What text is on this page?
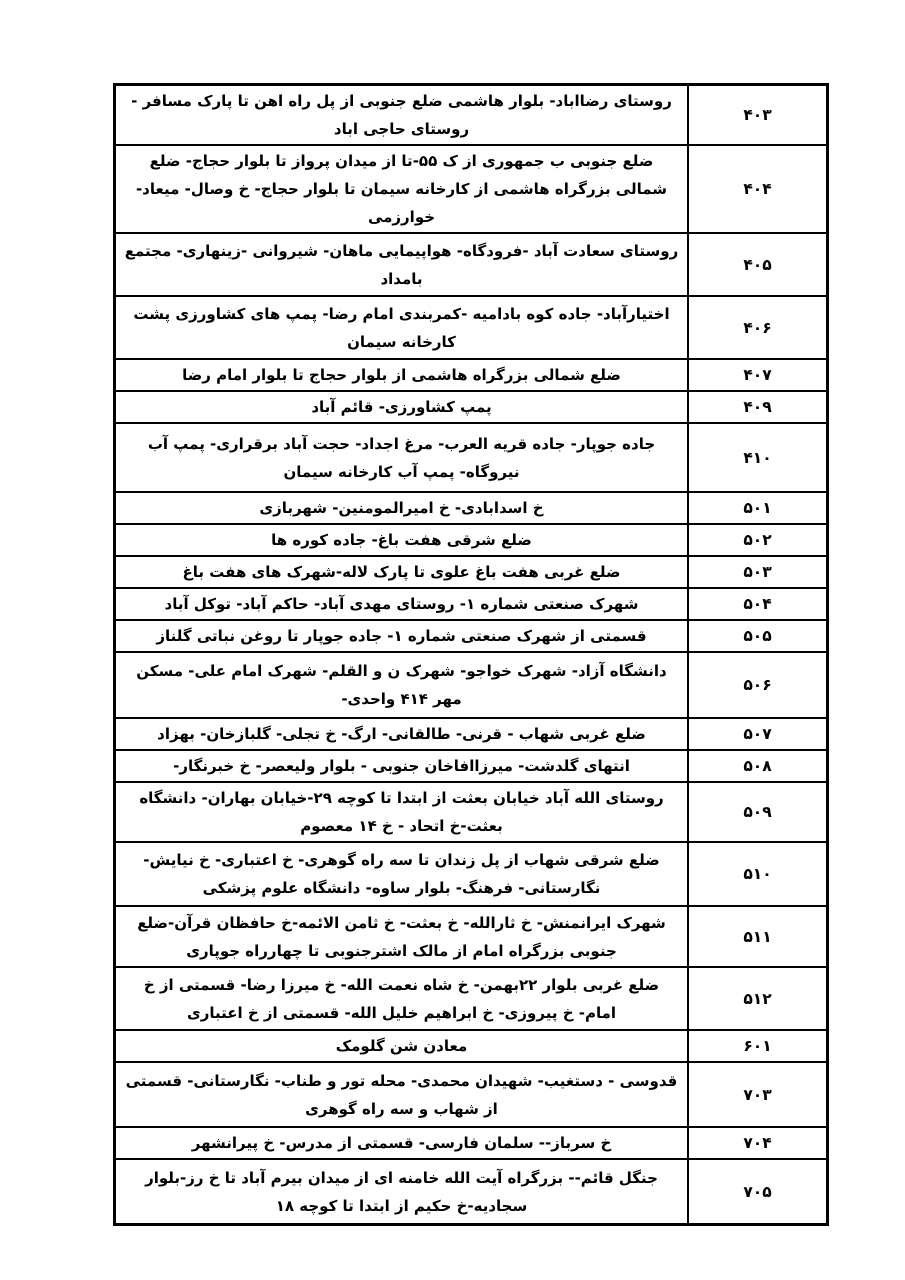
۴۰۳
روستای رضااباد- بلوار هاشمی ضلع جنوبی از پل راه اهن تا پارک مسافر - روستای حاجی اباد
۴۰۴
ضلع جنوبی ب جمهوری از ک ۵۵-تا از میدان پرواز تا بلوار حجاج- ضلع شمالی بزرگراه هاشمی از کارخانه سیمان تا بلوار حجاج- خ وصال- میعاد- خوارزمی
۴۰۵
روستای سعادت آباد -فرودگاه- هواپیمایی ماهان- شیروانی -زینهاری- مجتمع بامداد
۴۰۶
اختیارآباد- جاده کوه بادامیه -کمربندی امام رضا- پمپ های کشاورزی پشت کارخانه سیمان
۴۰۷
ضلع شمالی بزرگراه هاشمی از بلوار حجاج تا بلوار امام رضا
۴۰۹
پمپ کشاورزی- قائم آباد
۴۱۰
جاده جوپار- جاده قریه العرب- مرغ اجداد- حجت آباد برقراری- پمپ آب نیروگاه- پمپ آب کارخانه سیمان
۵۰۱
خ اسدابادی- خ امیرالمومنین- شهربازی
۵۰۲
ضلع شرقی هفت باغ- جاده کوره ها
۵۰۳
ضلع غربی هفت باغ علوی تا پارک لاله-شهرک های هفت باغ
۵۰۴
شهرک صنعتی شماره ۱- روستای مهدی آباد- حاکم آباد- توکل آباد
۵۰۵
قسمتی از شهرک صنعتی شماره ۱- جاده جوپار تا روغن نباتی گلناز
۵۰۶
دانشگاه آزاد- شهرک خواجو- شهرک ن و القلم- شهرک امام علی- مسکن مهر ۴۱۴ واحدی-
۵۰۷
ضلع غربی شهاب - قرنی- طالقانی- ارگ- خ تجلی- گلبازخان- بهزاد
۵۰۸
انتهای گلدشت- میرزاافاخان جنوبی - بلوار ولیعصر- خ خبرنگار-
۵۰۹
روستای الله آباد خیابان بعثت از ابتدا تا کوچه ۲۹-خیابان بهاران- دانشگاه بعثت-خ اتحاد - خ ۱۴ معصوم
۵۱۰
ضلع شرقی شهاب از پل زندان تا سه راه گوهری- خ اعتباری- خ نیایش- نگارستانی- فرهنگ- بلوار ساوه- دانشگاه علوم پزشکی
۵۱۱
شهرک ایرانمنش- خ ثارالله- خ بعثت- خ ثامن الائمه-خ حافظان قرآن-ضلع جنوبی بزرگراه امام از مالک اشترجنوبی تا چهارراه جوپاری
۵۱۲
ضلع غربی بلوار ۲۲بهمن- خ شاه نعمت الله- خ میرزا رضا- قسمتی از خ امام- خ پیروزی- خ ابراهیم خلیل الله- قسمتی از خ اعتباری
۶۰۱
معادن شن گلومک
۷۰۳
قدوسی - دستغیب- شهیدان محمدی- محله تور و طناب- نگارستانی- قسمتی از شهاب و سه راه گوهری
۷۰۴
خ سرباز-- سلمان فارسی- قسمتی از مدرس- خ پیرانشهر
۷۰۵
جنگل قائم-- بزرگراه آیت الله خامنه ای از میدان بیرم آباد تا خ رز-بلوار سجادیه-خ حکیم از ابتدا تا کوچه ۱۸
